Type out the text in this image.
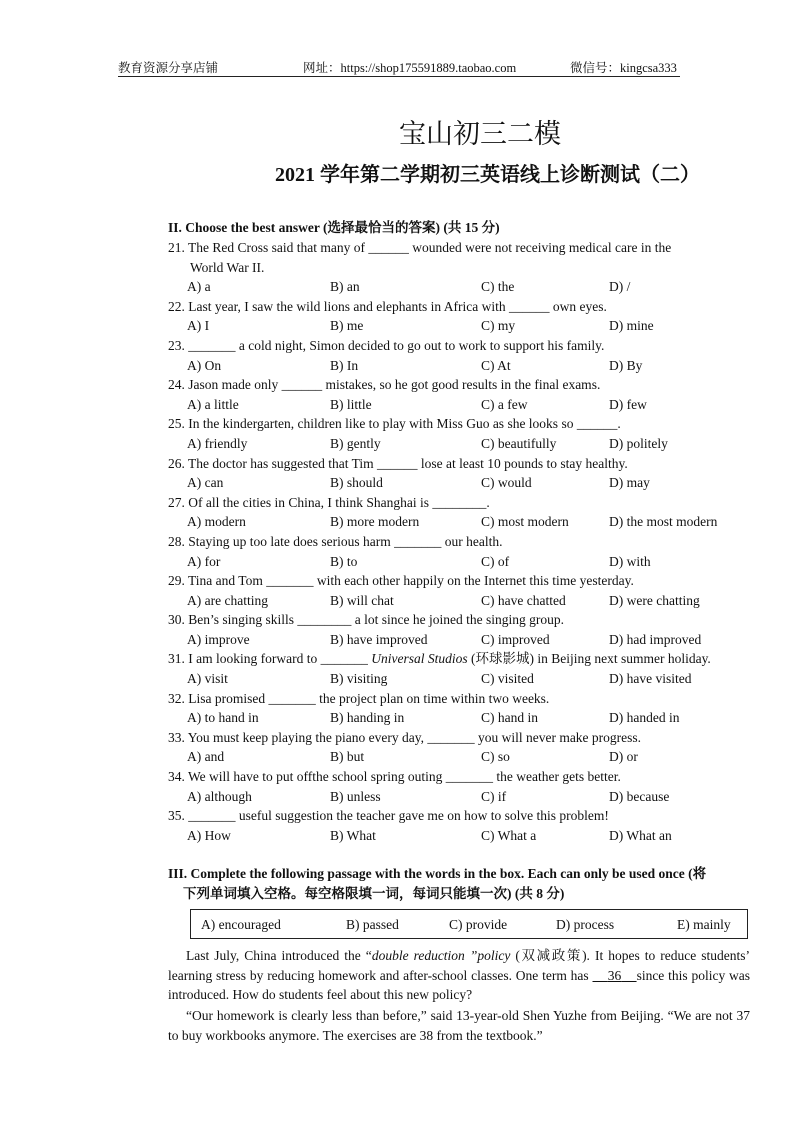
教育资源分享店铺	网址：https://shop175591889.taobao.com	微信号：kingcsa333
宝山初三二模
2021 学年第二学期初三英语线上诊断测试（二）
II. Choose the best answer (选择最恰当的答案) (共 15 分)
21. The Red Cross said that many of ______ wounded were not receiving medical care in the
World War II.
A) a	B) an	C) the	D) /
22. Last year, I saw the wild lions and elephants in Africa with ______ own eyes.
A) I	B) me	C) my	D) mine
23. _______ a cold night, Simon decided to go out to work to support his family.
A) On	B) In	C) At	D) By
24. Jason made only ______ mistakes, so he got good results in the final exams.
A) a little	B) little	C) a few	D) few
25. In the kindergarten, children like to play with Miss Guo as she looks so ______.
A) friendly	B) gently	C) beautifully	D) politely
26. The doctor has suggested that Tim ______ lose at least 10 pounds to stay healthy.
A) can	B) should	C) would	D) may
27. Of all the cities in China, I think Shanghai is ________.
A) modern	B) more modern	C) most modern	D) the most modern
28. Staying up too late does serious harm _______ our health.
A) for	B) to	C) of	D) with
29. Tina and Tom _______ with each other happily on the Internet this time yesterday.
A) are chatting	B) will chat	C) have chatted	D) were chatting
30. Ben’s singing skills ________ a lot since he joined the singing group.
A) improve	B) have improved	C) improved	D) had improved
31. I am looking forward to _______ Universal Studios (环球影城) in Beijing next summer holiday.
A) visit	B) visiting	C) visited	D) have visited
32. Lisa promised _______ the project plan on time within two weeks.
A) to hand in	B) handing in	C) hand in	D) handed in
33. You must keep playing the piano every day, _______ you will never make progress.
A) and	B) but	C) so	D) or
34. We will have to put offthe school spring outing _______ the weather gets better.
A) although	B) unless	C) if	D) because
35. _______ useful suggestion the teacher gave me on how to solve this problem!
A) How	B) What	C) What a	D) What an
III. Complete the following passage with the words in the box. Each can only be used once (将
下列单词填入空格。每空格限填一词，每词只能填一次) (共 8 分)
A) encouraged	B) passed	C) provide	D) process	E) mainly
Last July, China introduced the “double reduction ”policy (双减政策). It hopes to reduce students’ learning stress by reducing homework and after-school classes. One term has 36 since this policy was introduced. How do students feel about this new policy?
“Our homework is clearly less than before,” said 13-year-old Shen Yuzhe from Beijing. “We are not 37 to buy workbooks anymore. The exercises are 38 from the textbook.”
